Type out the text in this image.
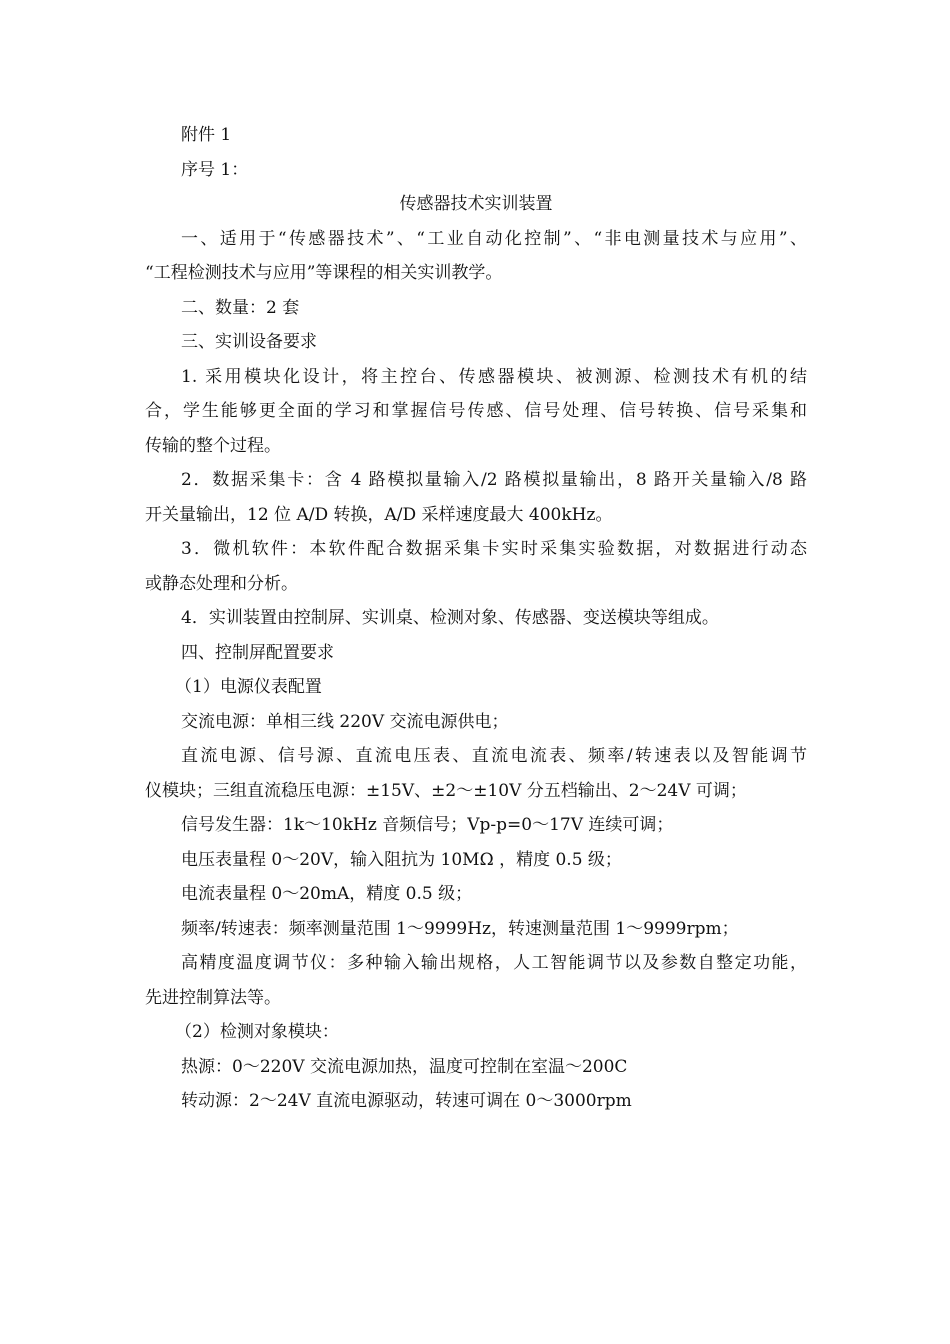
附件 1
序号 1：
传感器技术实训装置
一、适用于“传感器技术”、“工业自动化控制”、“非电测量技术与应用”、
“工程检测技术与应用”等课程的相关实训教学。
二、数量：2 套
三、实训设备要求
1. 采用模块化设计，将主控台、传感器模块、被测源、检测技术有机的结
合，学生能够更全面的学习和掌握信号传感、信号处理、信号转换、信号采集和
传输的整个过程。
2．数据采集卡：含 4 路模拟量输入/2 路模拟量输出，8 路开关量输入/8 路
开关量输出，12 位 A/D 转换，A/D 采样速度最大 400kHz。
3．微机软件：本软件配合数据采集卡实时采集实验数据，对数据进行动态
或静态处理和分析。
4．实训装置由控制屏、实训桌、检测对象、传感器、变送模块等组成。
四、控制屏配置要求
（1）电源仪表配置
交流电源：单相三线 220V 交流电源供电；
直流电源、信号源、直流电压表、直流电流表、频率/转速表以及智能调节
仪模块；三组直流稳压电源：±15V、±2～±10V 分五档输出、2～24V 可调；
信号发生器：1k～10kHz 音频信号；Vp-p=0～17V 连续可调；
电压表量程 0～20V，输入阻抗为 10MΩ ，精度 0.5 级；
电流表量程 0～20mA，精度 0.5 级；
频率/转速表：频率测量范围 1～9999Hz，转速测量范围 1～9999rpm；
高精度温度调节仪：多种输入输出规格，人工智能调节以及参数自整定功能，
先进控制算法等。
（2）检测对象模块：
热源：0～220V 交流电源加热，温度可控制在室温～200C
转动源：2～24V 直流电源驱动，转速可调在 0～3000rpm
